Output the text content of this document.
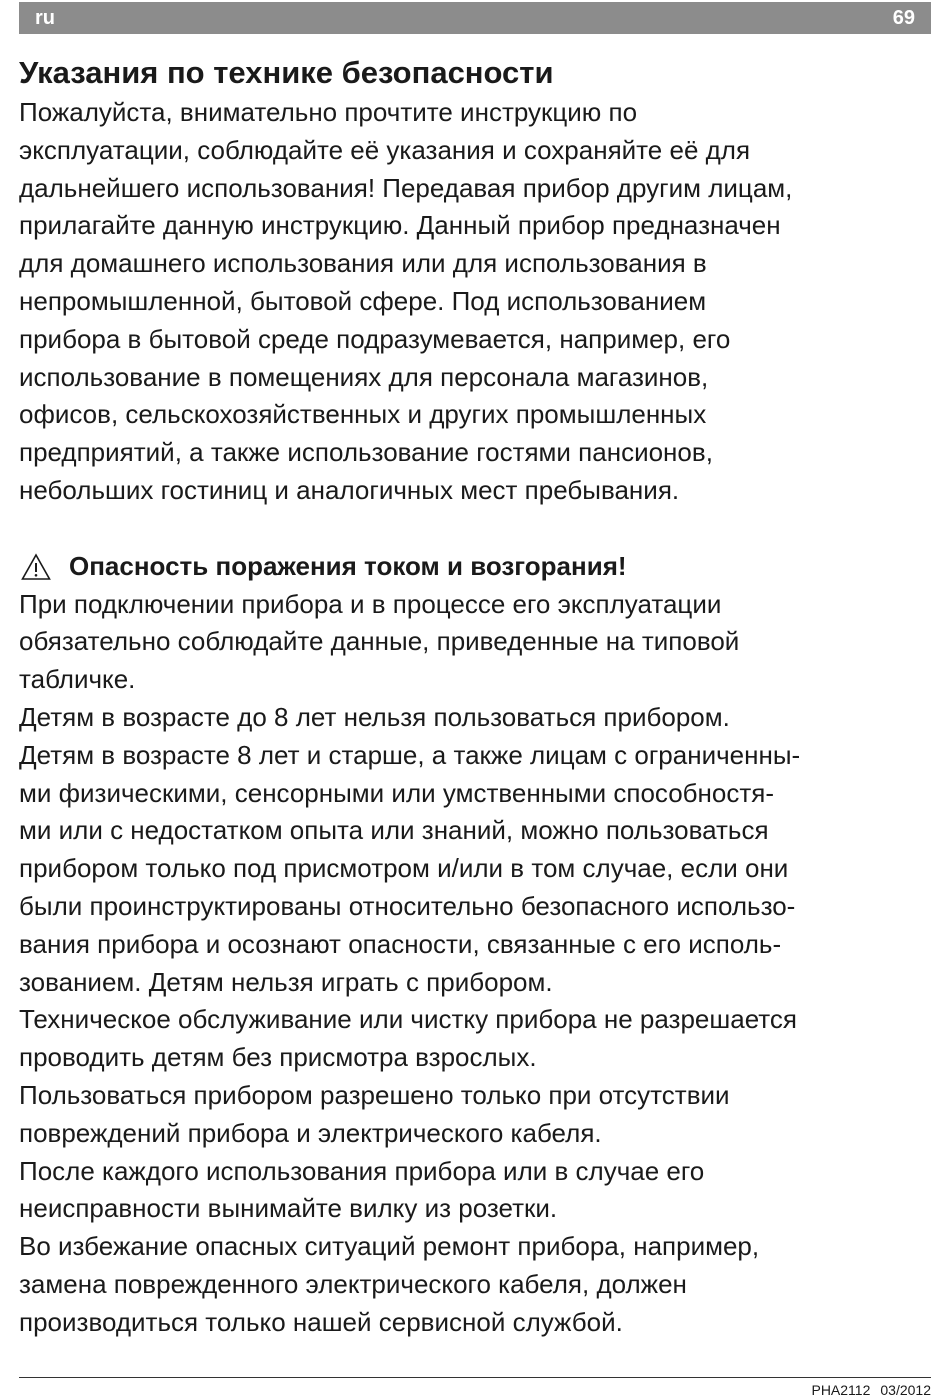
ru	69
Указания по технике безопасности

Пожалуйста, внимательно прочтите инструкцию по
эксплуатации, соблюдайте её указания и сохраняйте её для
дальнейшего использования! Передавая прибор другим лицам,
прилагайте данную инструкцию. Данный прибор предназначен
для домашнего использования или для использования в
непромышленной, бытовой сфере. Под использованием
прибора в бытовой среде подразумевается, например, его
использование в помещениях для персонала магазинов,
офисов, сельскохозяйственных и других промышленных
предприятий, а также использование гостями пансионов,
небольших гостиниц и аналогичных мест пребывания.

Опасность поражения током и возгорания!

При подключении прибора и в процессе его эксплуатации
обязательно соблюдайте данные, приведенные на типовой
табличке.
Детям в возрасте до 8 лет нельзя пользоваться прибором.
Детям в возрасте 8 лет и старше, а также лицам с ограниченны-
ми физическими, сенсорными или умственными способностя-
ми или с недостатком опыта или знаний, можно пользоваться
прибором только под присмотром и/или в том случае, если они
были проинструктированы относительно безопасного использо-
вания прибора и осознают опасности, связанные с его исполь-
зованием. Детям нельзя играть с прибором.
Техническое обслуживание или чистку прибора не разрешается
проводить детям без присмотра взрослых.
Пользоваться прибором разрешено только при отсутствии
повреждений прибора и электрического кабеля.
После каждого использования прибора или в случае его
неисправности вынимайте вилку из розетки.
Во избежание опасных ситуаций ремонт прибора, например,
замена поврежденного электрического кабеля, должен
производиться только нашей сервисной службой.

PHA2112 03/2012
